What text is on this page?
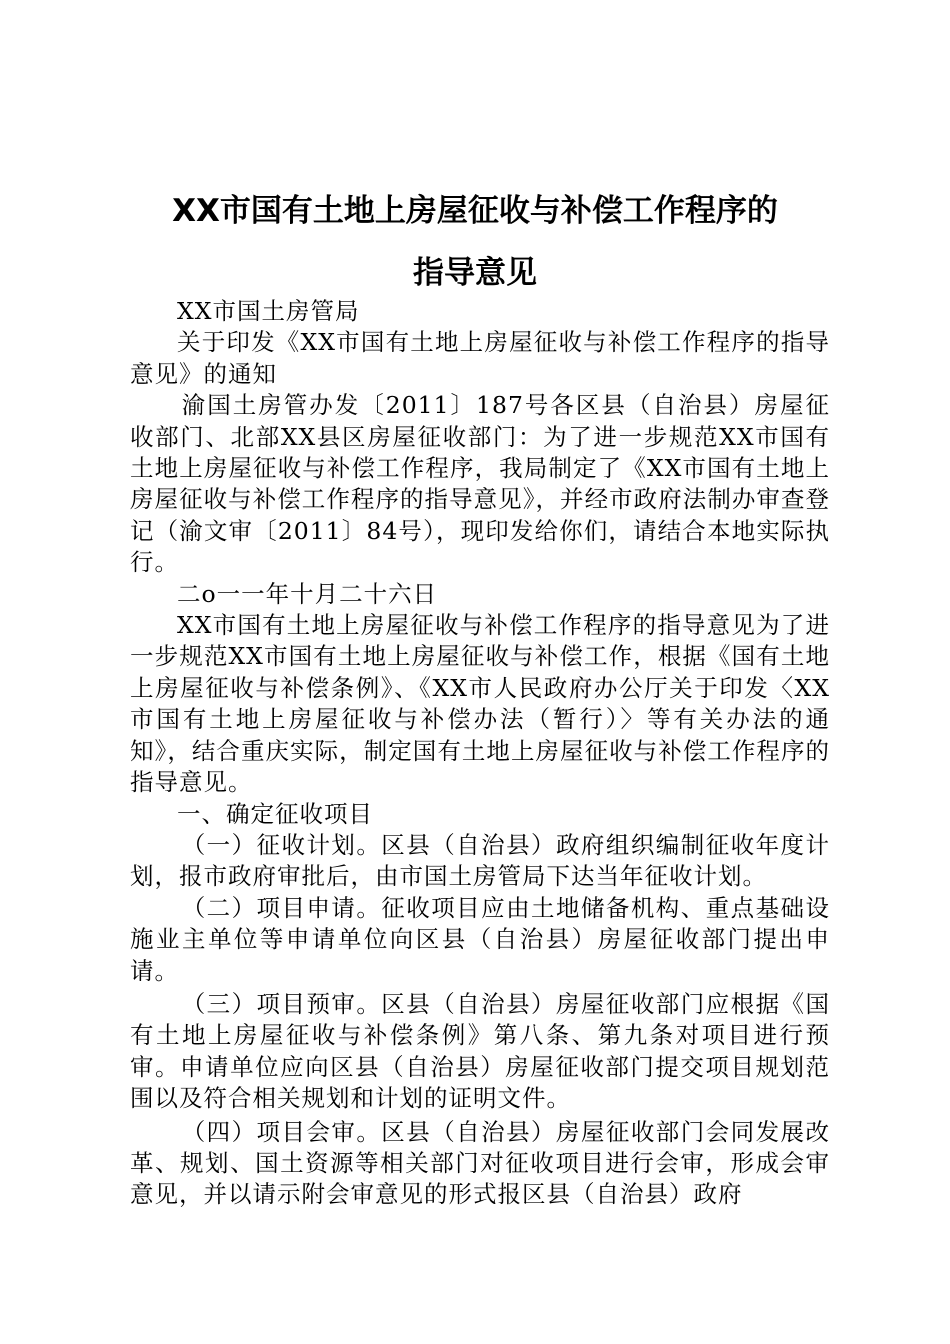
XX市国有土地上房屋征收与补偿工作程序的
指导意见

XX市国土房管局

关于印发《XX市国有土地上房屋征收与补偿工作程序的指导意见》的通知

渝国土房管办发〔2011〕187号各区县（自治县）房屋征收部门、北部XX县区房屋征收部门：为了进一步规范XX市国有土地上房屋征收与补偿工作程序，我局制定了《XX市国有土地上房屋征收与补偿工作程序的指导意见》，并经市政府法制办审查登记（渝文审〔2011〕84号），现印发给你们，请结合本地实际执行。

二o一一年十月二十六日

XX市国有土地上房屋征收与补偿工作程序的指导意见为了进一步规范XX市国有土地上房屋征收与补偿工作，根据《国有土地上房屋征收与补偿条例》、《XX市人民政府办公厅关于印发〈XX市国有土地上房屋征收与补偿办法（暂行）〉等有关办法的通知》，结合重庆实际，制定国有土地上房屋征收与补偿工作程序的指导意见。

一、确定征收项目

（一）征收计划。区县（自治县）政府组织编制征收年度计划，报市政府审批后，由市国土房管局下达当年征收计划。

（二）项目申请。征收项目应由土地储备机构、重点基础设施业主单位等申请单位向区县（自治县）房屋征收部门提出申请。

（三）项目预审。区县（自治县）房屋征收部门应根据《国有土地上房屋征收与补偿条例》第八条、第九条对项目进行预审。申请单位应向区县（自治县）房屋征收部门提交项目规划范围以及符合相关规划和计划的证明文件。

（四）项目会审。区县（自治县）房屋征收部门会同发展改革、规划、国土资源等相关部门对征收项目进行会审，形成会审意见，并以请示附会审意见的形式报区县（自治县）政府
